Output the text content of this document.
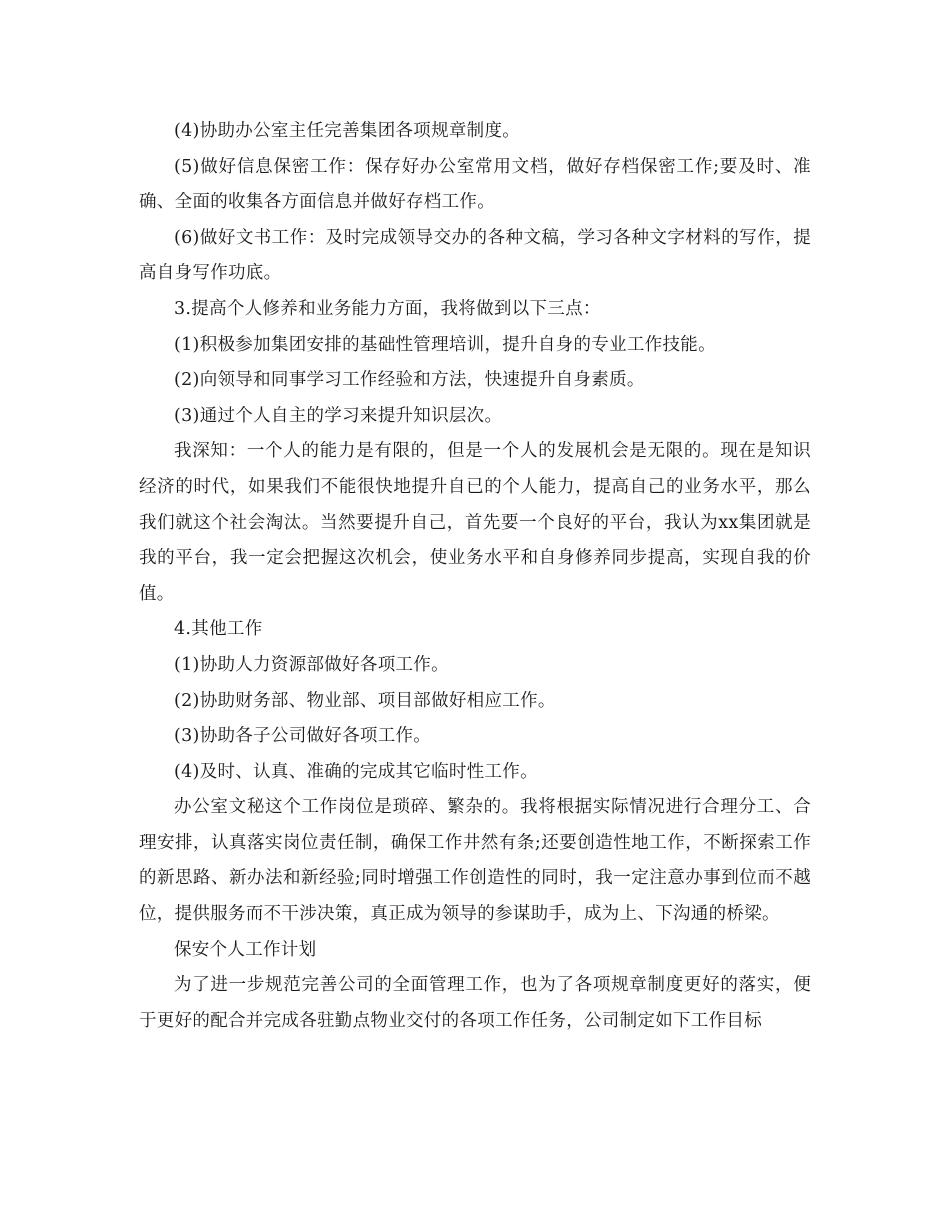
(4)协助办公室主任完善集团各项规章制度。

(5)做好信息保密工作：保存好办公室常用文档，做好存档保密工作;要及时、准确、全面的收集各方面信息并做好存档工作。

(6)做好文书工作：及时完成领导交办的各种文稿，学习各种文字材料的写作，提高自身写作功底。

3.提高个人修养和业务能力方面，我将做到以下三点：

(1)积极参加集团安排的基础性管理培训，提升自身的专业工作技能。

(2)向领导和同事学习工作经验和方法，快速提升自身素质。

(3)通过个人自主的学习来提升知识层次。

我深知：一个人的能力是有限的，但是一个人的发展机会是无限的。现在是知识经济的时代，如果我们不能很快地提升自已的个人能力，提高自己的业务水平，那么我们就这个社会淘汰。当然要提升自己，首先要一个良好的平台，我认为xx集团就是我的平台，我一定会把握这次机会，使业务水平和自身修养同步提高，实现自我的价值。

4.其他工作

(1)协助人力资源部做好各项工作。

(2)协助财务部、物业部、项目部做好相应工作。

(3)协助各子公司做好各项工作。

(4)及时、认真、准确的完成其它临时性工作。

办公室文秘这个工作岗位是琐碎、繁杂的。我将根据实际情况进行合理分工、合理安排，认真落实岗位责任制，确保工作井然有条;还要创造性地工作，不断探索工作的新思路、新办法和新经验;同时增强工作创造性的同时，我一定注意办事到位而不越位，提供服务而不干涉决策，真正成为领导的参谋助手，成为上、下沟通的桥梁。

保安个人工作计划

为了进一步规范完善公司的全面管理工作，也为了各项规章制度更好的落实，便于更好的配合并完成各驻勤点物业交付的各项工作任务，公司制定如下工作目标
